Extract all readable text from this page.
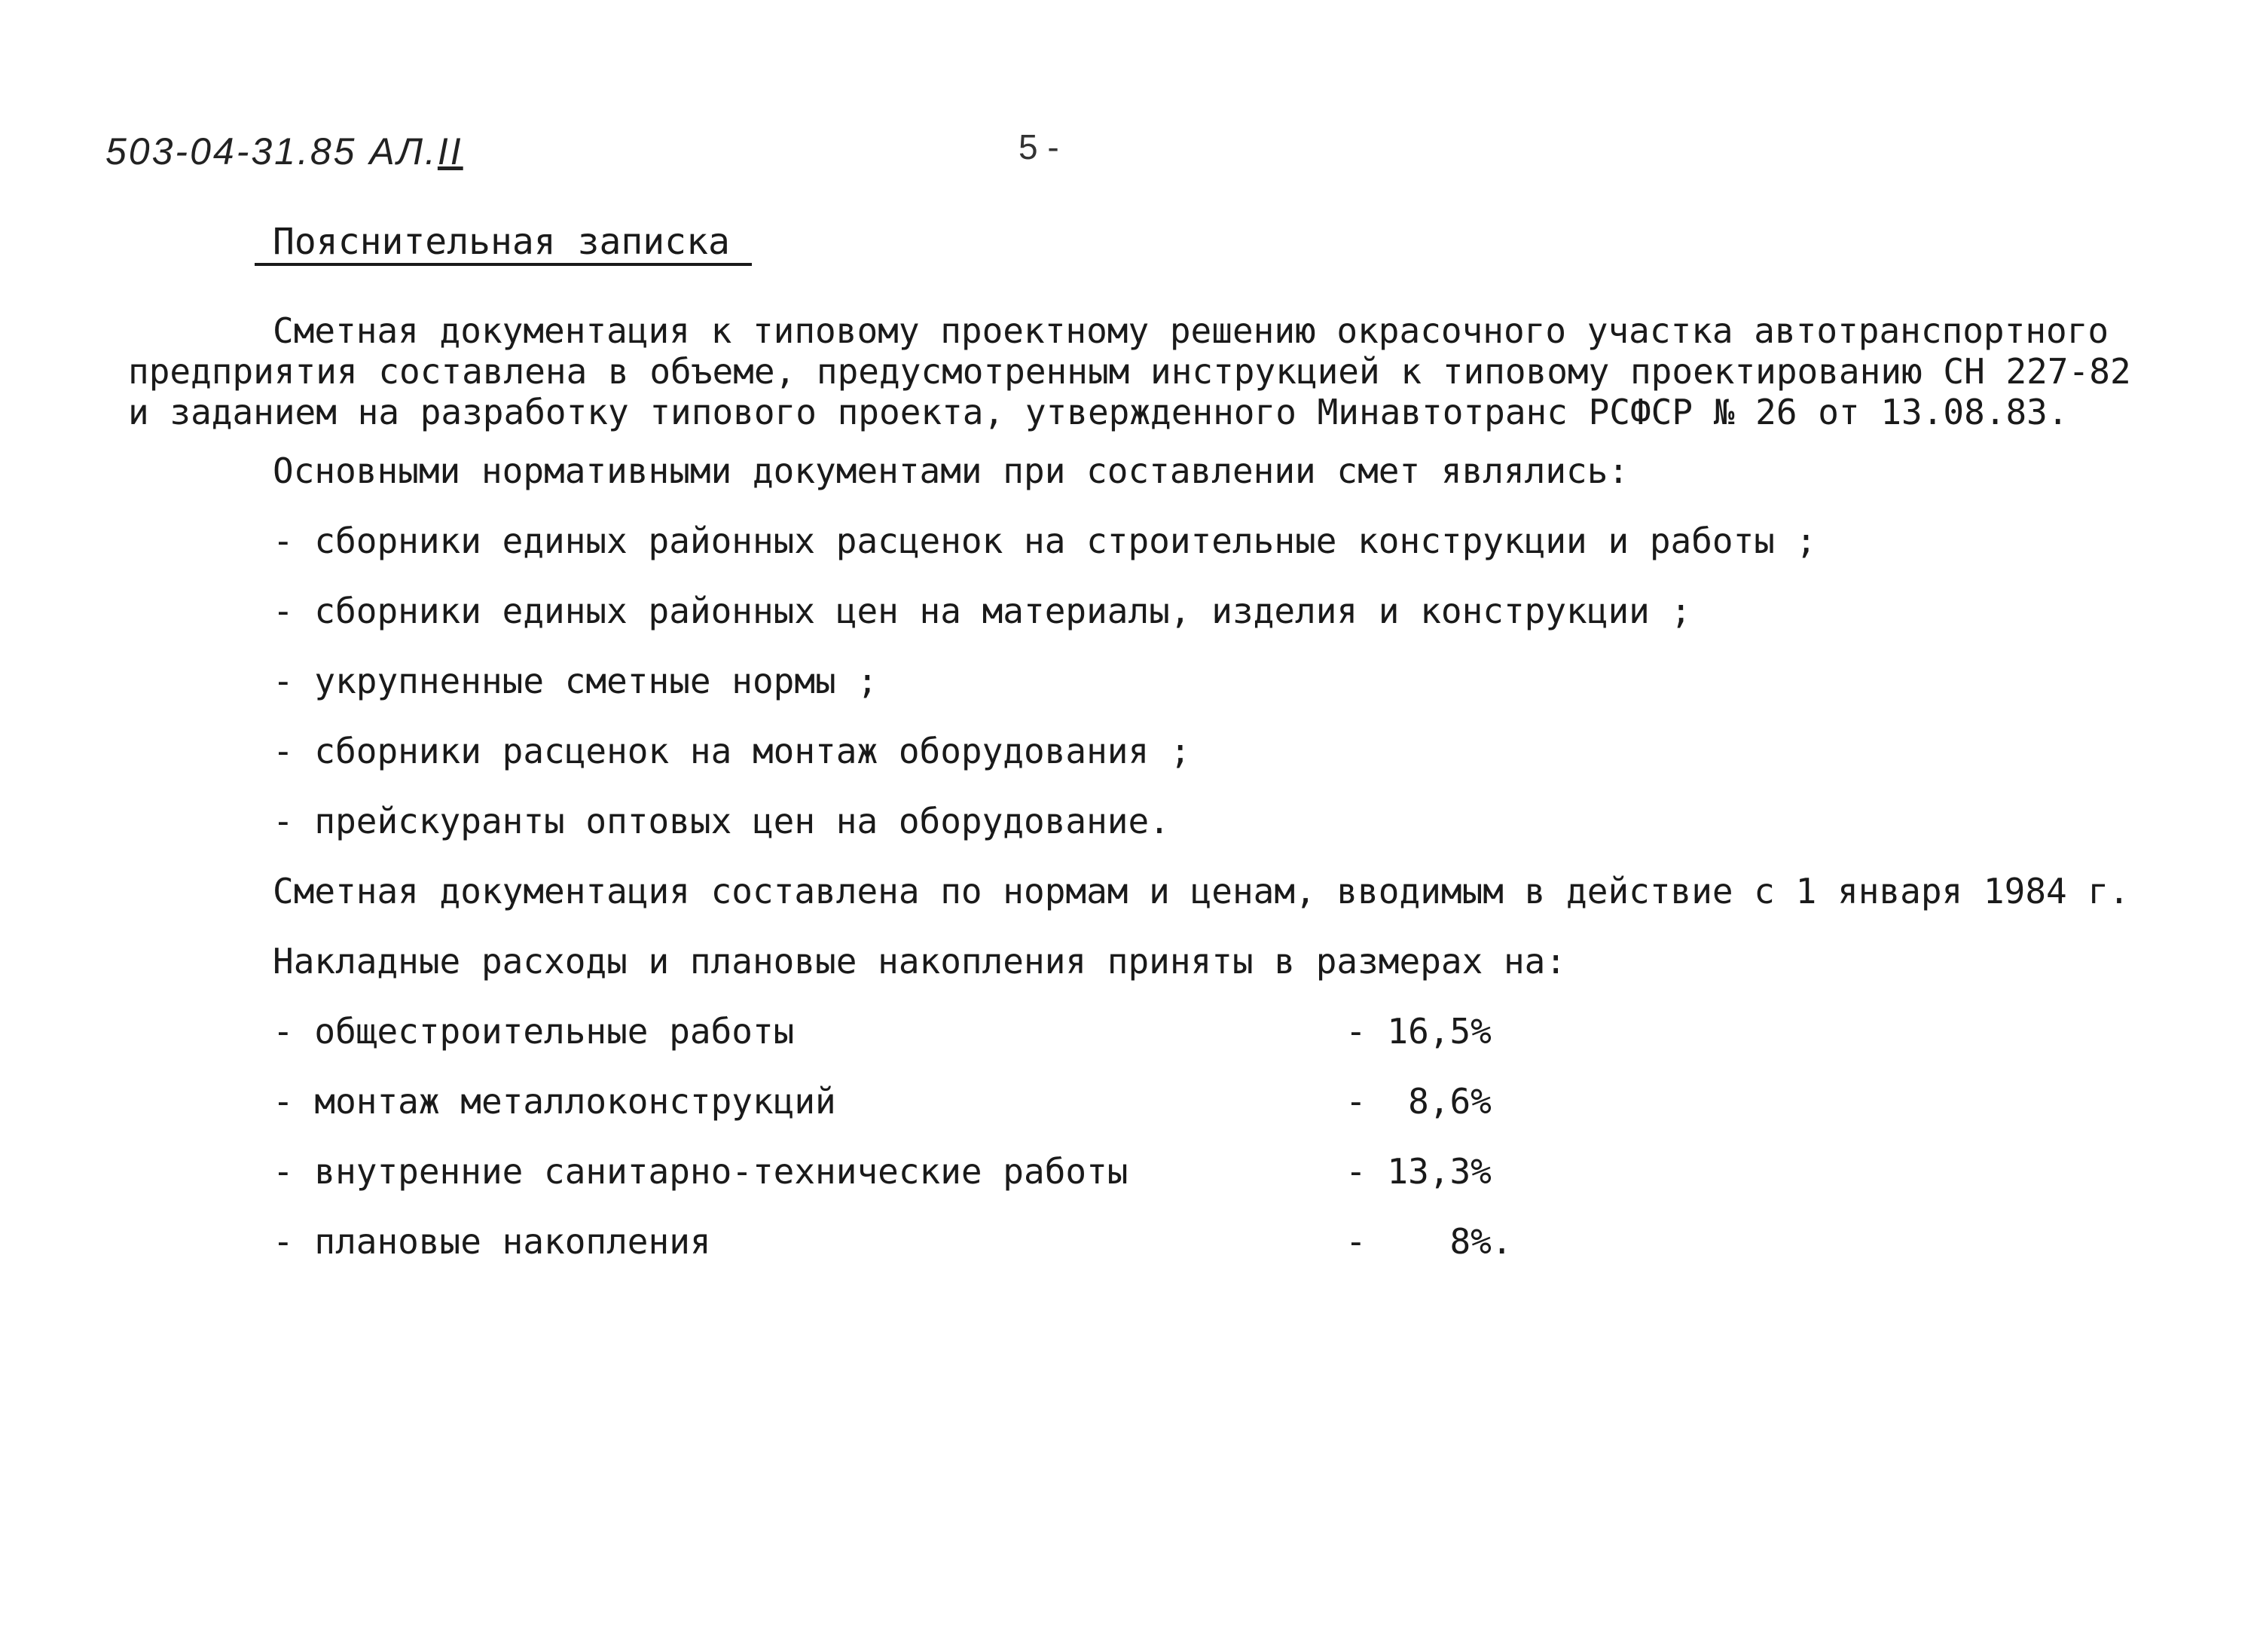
503-04-31.85 АЛ.II	5 -
Пояснительная записка
Сметная документация к типовому проектному решению окрасочного участка автотранспортного
предприятия составлена в объеме, предусмотренным инструкцией к типовому проектированию СН 227-82
и заданием на разработку типового проекта, утвержденного Минавтотранс РСФСР № 26 от 13.08.83.
Основными нормативными документами при составлении смет являлись:
- сборники единых районных расценок на строительные конструкции и работы ;
- сборники единых районных цен на материалы, изделия и конструкции ;
- укрупненные сметные нормы ;
- сборники расценок на монтаж оборудования ;
- прейскуранты оптовых цен на оборудование.
Сметная документация составлена по нормам и ценам, вводимым в действие с 1 января 1984 г.
Накладные расходы и плановые накопления приняты в размерах на:
- общестроительные работы	- 16,5%
- монтаж металлоконструкций	-  8,6%
- внутренние санитарно-технические работы	- 13,3%
- плановые накопления	-    8%.
